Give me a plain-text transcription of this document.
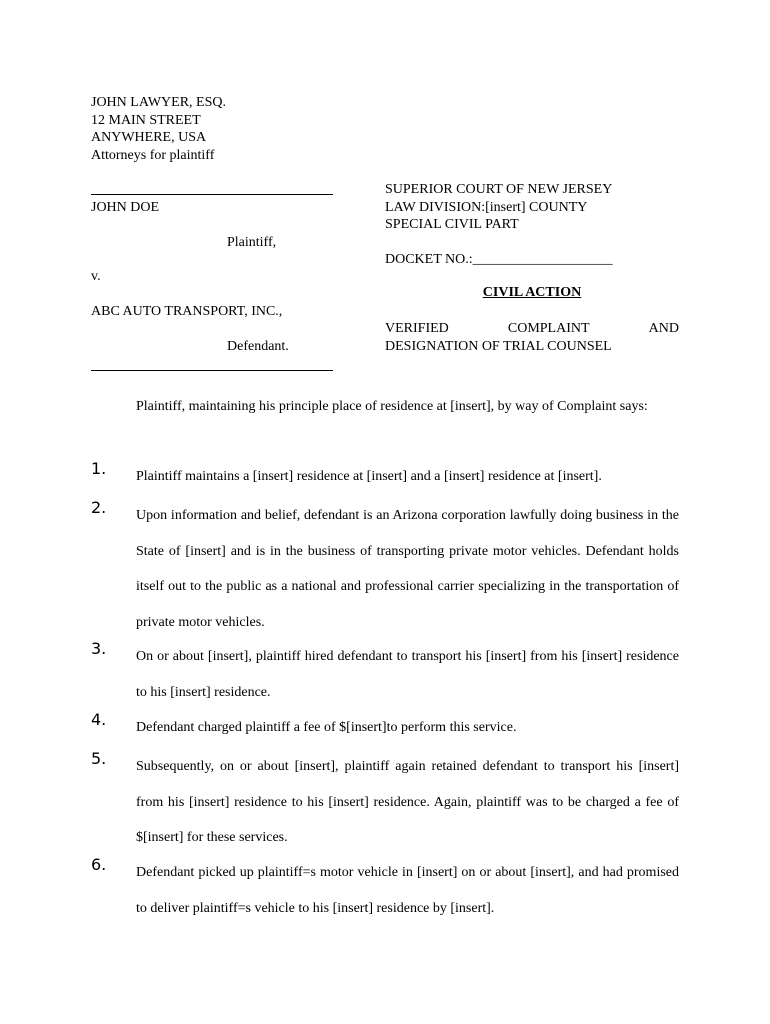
JOHN LAWYER, ESQ.
12 MAIN STREET
ANYWHERE, USA
Attorneys for plaintiff
JOHN DOE
Plaintiff,
v.
ABC AUTO TRANSPORT, INC.,
Defendant.
SUPERIOR COURT OF NEW JERSEY
LAW DIVISION:[insert] COUNTY
SPECIAL CIVIL PART
DOCKET NO.:____________________
CIVIL ACTION
VERIFIED	COMPLAINT	AND
DESIGNATION OF TRIAL COUNSEL
Plaintiff, maintaining his principle place of residence at [insert], by way of Complaint says:
1. Plaintiff maintains a [insert] residence at [insert] and a [insert] residence at [insert].
2. Upon information and belief, defendant is an Arizona corporation lawfully doing business in the State of [insert] and is in the business of transporting private motor vehicles. Defendant holds itself out to the public as a national and professional carrier specializing in the transportation of private motor vehicles.
3. On or about [insert], plaintiff hired defendant to transport his [insert] from his [insert] residence to his [insert] residence.
4. Defendant charged plaintiff a fee of $[insert]to perform this service.
5. Subsequently, on or about [insert], plaintiff again retained defendant to transport his [insert] from his [insert] residence to his [insert] residence. Again, plaintiff was to be charged a fee of $[insert] for these services.
6. Defendant picked up plaintiff=s motor vehicle in [insert] on or about [insert], and had promised to deliver plaintiff=s vehicle to his [insert] residence by [insert].
